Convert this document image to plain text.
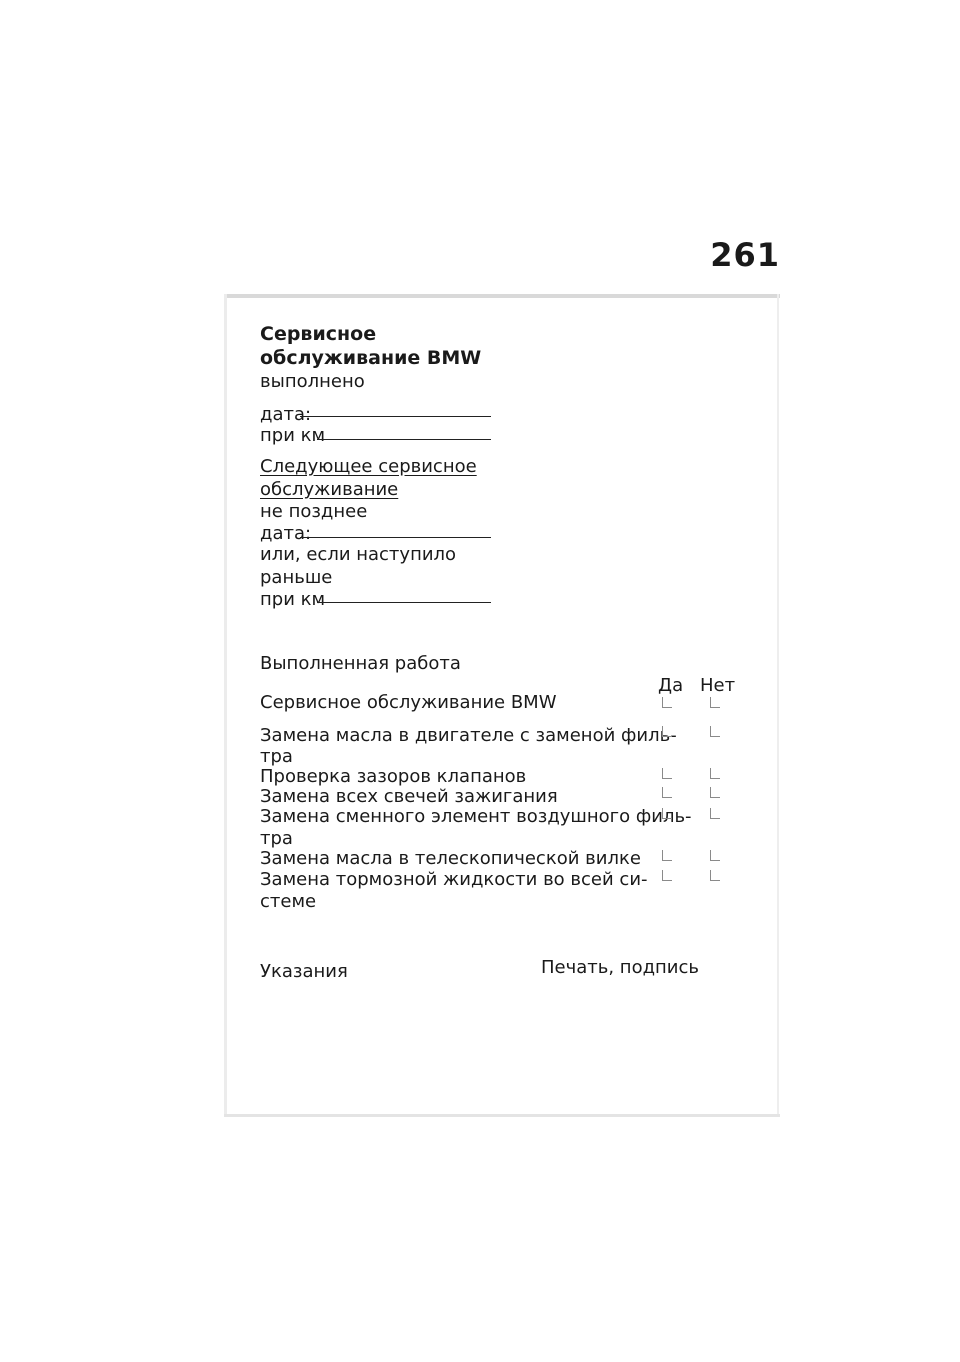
261
Сервисное
обслуживание BMW
выполнено
дата:
при км
Следующее сервисное
обслуживание
не позднее
дата:
или, если наступило
раньше
при км
Выполненная работа
Да Нет
Сервисное обслуживание BMW
Замена масла в двигателе с заменой филь-
тра
Проверка зазоров клапанов
Замена всех свечей зажигания
Замена сменного элемент воздушного филь-
тра
Замена масла в телескопической вилке
Замена тормозной жидкости во всей си-
стеме
Указания	Печать, подпись
